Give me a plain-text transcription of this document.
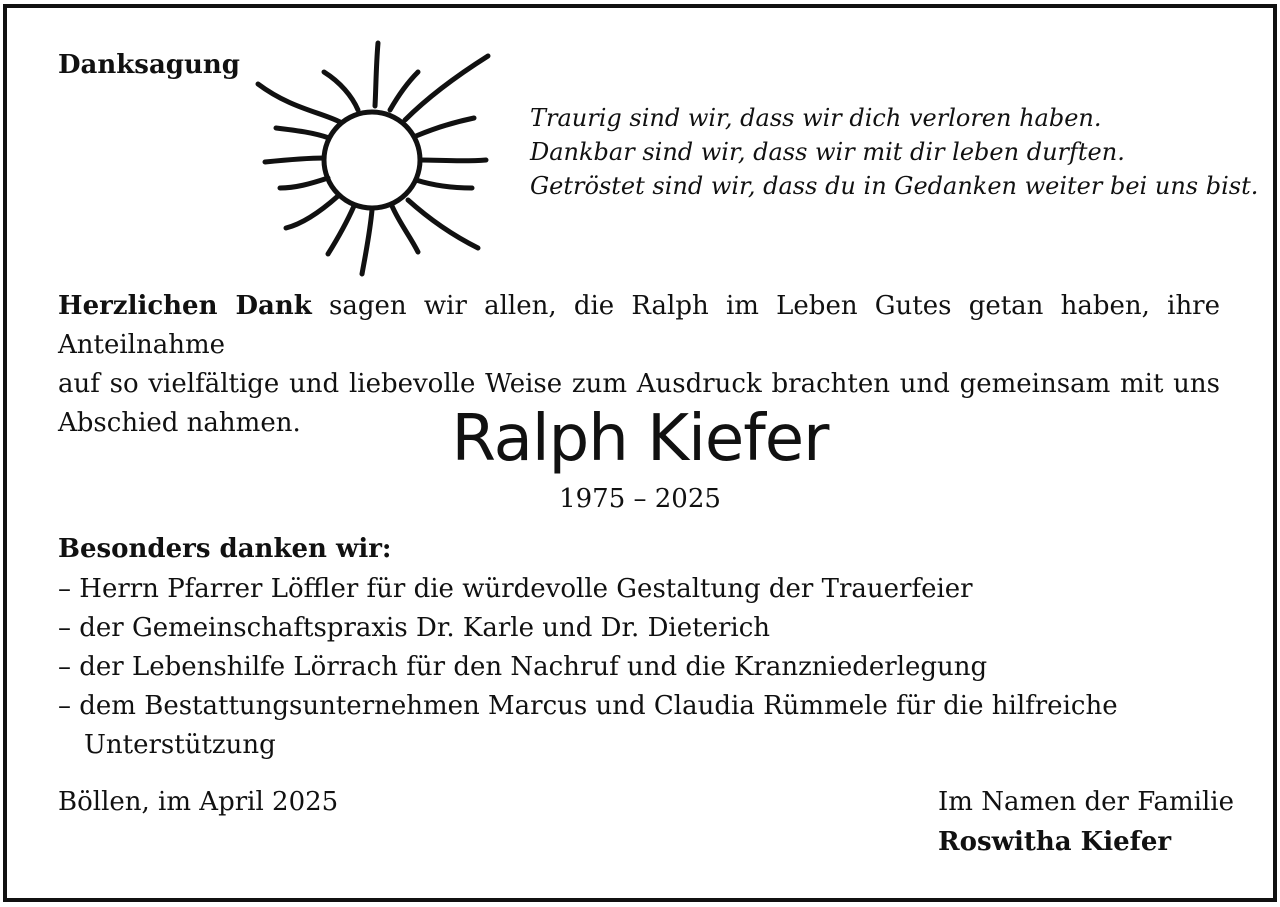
Danksagung
Traurig sind wir, dass wir dich verloren haben.
Dankbar sind wir, dass wir mit dir leben durften.
Getröstet sind wir, dass du in Gedanken weiter bei uns bist.
Herzlichen Dank sagen wir allen, die Ralph im Leben Gutes getan haben, ihre Anteilnahme
auf so vielfältige und liebevolle Weise zum Ausdruck brachten und gemeinsam mit uns
Abschied nahmen.	Ralph Kiefer
1975 – 2025
Besonders danken wir:
– Herrn Pfarrer Löffler für die würdevolle Gestaltung der Trauerfeier
– der Gemeinschaftspraxis Dr. Karle und Dr. Dieterich
– der Lebenshilfe Lörrach für den Nachruf und die Kranzniederlegung
– dem Bestattungsunternehmen Marcus und Claudia Rümmele für die hilfreiche
Unterstützung
Böllen, im April 2025	Im Namen der Familie
Roswitha Kiefer
